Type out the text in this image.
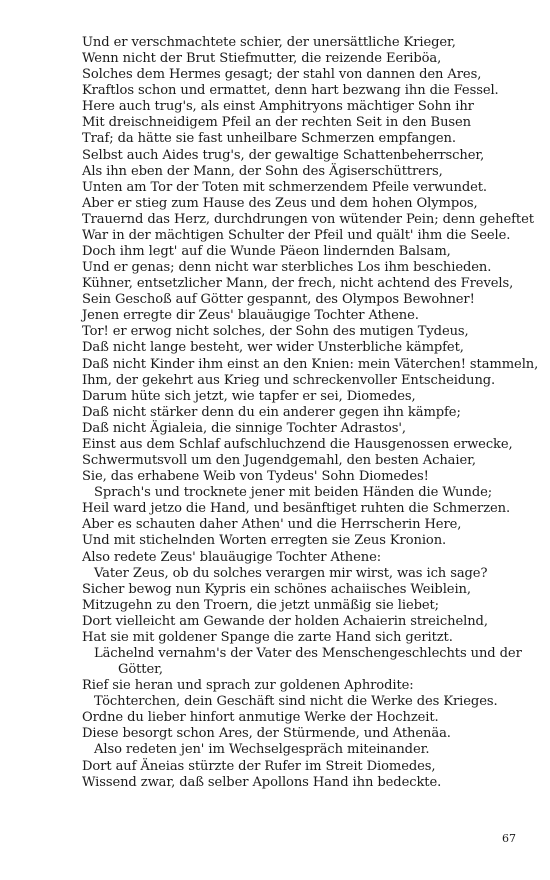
Und er verschmachtete schier, der unersättliche Krieger,
Wenn nicht der Brut Stiefmutter, die reizende Eeriböa,
Solches dem Hermes gesagt; der stahl von dannen den Ares,
Kraftlos schon und ermattet, denn hart bezwang ihn die Fessel.
Here auch trug's, als einst Amphitryons mächtiger Sohn ihr
Mit dreischneidigem Pfeil an der rechten Seit in den Busen
Traf; da hätte sie fast unheilbare Schmerzen empfangen.
Selbst auch Aides trug's, der gewaltige Schattenbeherrscher,
Als ihn eben der Mann, der Sohn des Ägiserschüttrers,
Unten am Tor der Toten mit schmerzendem Pfeile verwundet.
Aber er stieg zum Hause des Zeus und dem hohen Olympos,
Trauernd das Herz, durchdrungen von wütender Pein; denn geheftet
War in der mächtigen Schulter der Pfeil und quält' ihm die Seele.
Doch ihm legt' auf die Wunde Päeon lindernden Balsam,
Und er genas; denn nicht war sterbliches Los ihm beschieden.
Kühner, entsetzlicher Mann, der frech, nicht achtend des Frevels,
Sein Geschoß auf Götter gespannt, des Olympos Bewohner!
Jenen erregte dir Zeus' blauäugige Tochter Athene.
Tor! er erwog nicht solches, der Sohn des mutigen Tydeus,
Daß nicht lange besteht, wer wider Unsterbliche kämpfet,
Daß nicht Kinder ihm einst an den Knien: mein Väterchen! stammeln,
Ihm, der gekehrt aus Krieg und schreckenvoller Entscheidung.
Darum hüte sich jetzt, wie tapfer er sei, Diomedes,
Daß nicht stärker denn du ein anderer gegen ihn kämpfe;
Daß nicht Ägialeia, die sinnige Tochter Adrastos',
Einst aus dem Schlaf aufschluchzend die Hausgenossen erwecke,
Schwermutsvoll um den Jugendgemahl, den besten Achaier,
Sie, das erhabene Weib von Tydeus' Sohn Diomedes!
Sprach's und trocknete jener mit beiden Händen die Wunde;
Heil ward jetzo die Hand, und besänftiget ruhten die Schmerzen.
Aber es schauten daher Athen' und die Herrscherin Here,
Und mit stichelnden Worten erregten sie Zeus Kronion.
Also redete Zeus' blauäugige Tochter Athene:
Vater Zeus, ob du solches verargen mir wirst, was ich sage?
Sicher bewog nun Kypris ein schönes achaiisches Weiblein,
Mitzugehn zu den Troern, die jetzt unmäßig sie liebet;
Dort vielleicht am Gewande der holden Achaierin streichelnd,
Hat sie mit goldener Spange die zarte Hand sich geritzt.
Lächelnd vernahm's der Vater des Menschengeschlechts und der
Götter,
Rief sie heran und sprach zur goldenen Aphrodite:
Töchterchen, dein Geschäft sind nicht die Werke des Krieges.
Ordne du lieber hinfort anmutige Werke der Hochzeit.
Diese besorgt schon Ares, der Stürmende, und Athenäa.
Also redeten jen' im Wechselgespräch miteinander.
Dort auf Äneias stürzte der Rufer im Streit Diomedes,
Wissend zwar, daß selber Apollons Hand ihn bedeckte.
67
